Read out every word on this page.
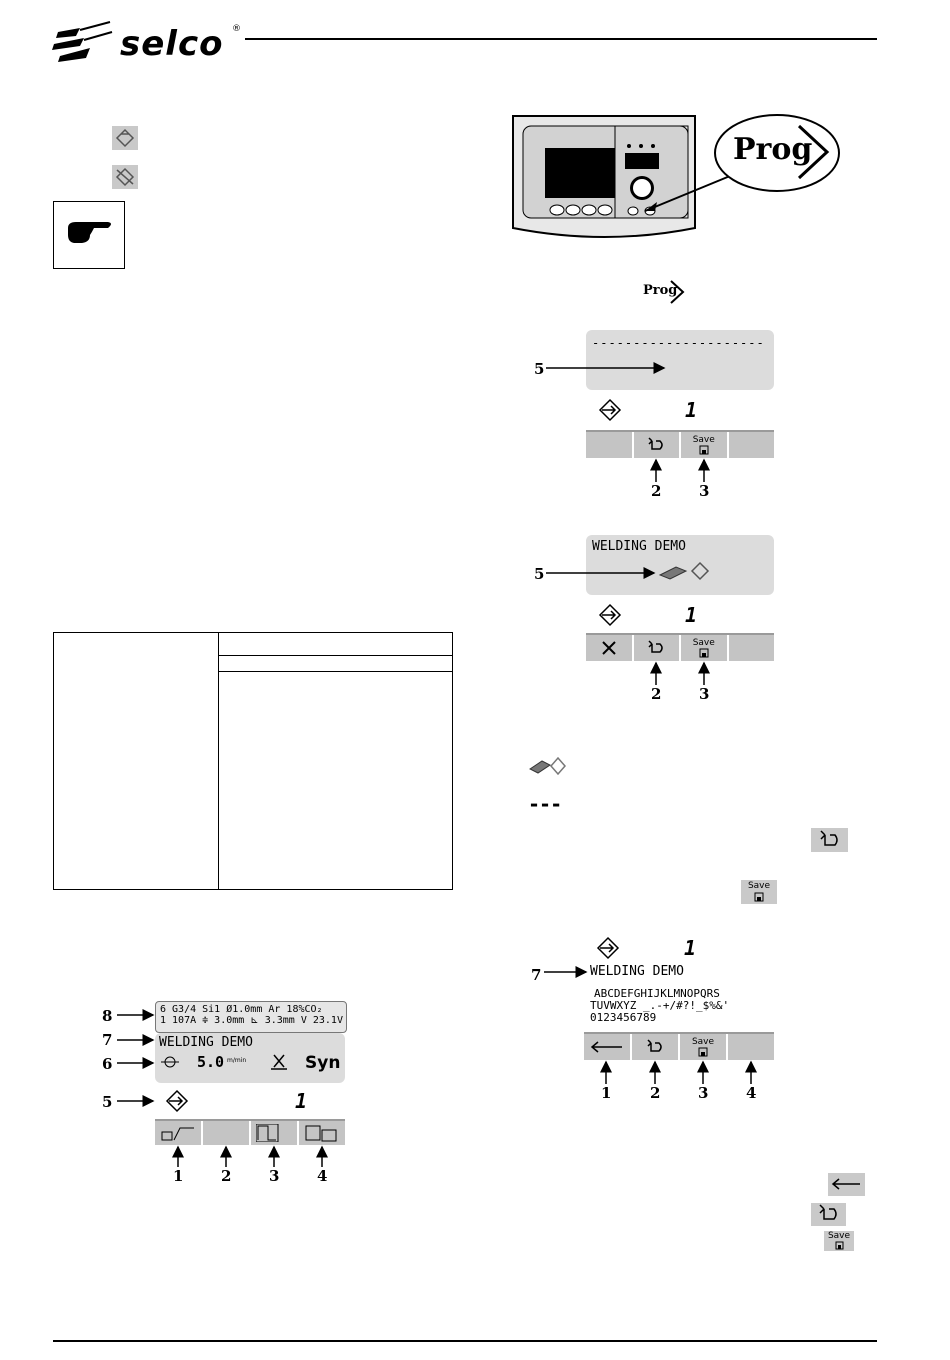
selco ®
6 G3/4 Si1 Ø1.0mm Ar 18%CO₂
1 107A ≑ 3.0mm ⊾ 3.3mm V 23.1V
WELDING DEMO
5.0 m/min	Syn
1
8
7
6
5
1	2	3	4
Prog
Prog
---------------------
1
Save
5
2	3
WELDING DEMO
1
Save
5
2	3
---
Save
1
WELDING DEMO
ABCDEFGHIJKLMNOPQRS
TUVWXYZ _.-+/#?!_$%&'
0123456789
Save
7
1	2	3	4
Save
